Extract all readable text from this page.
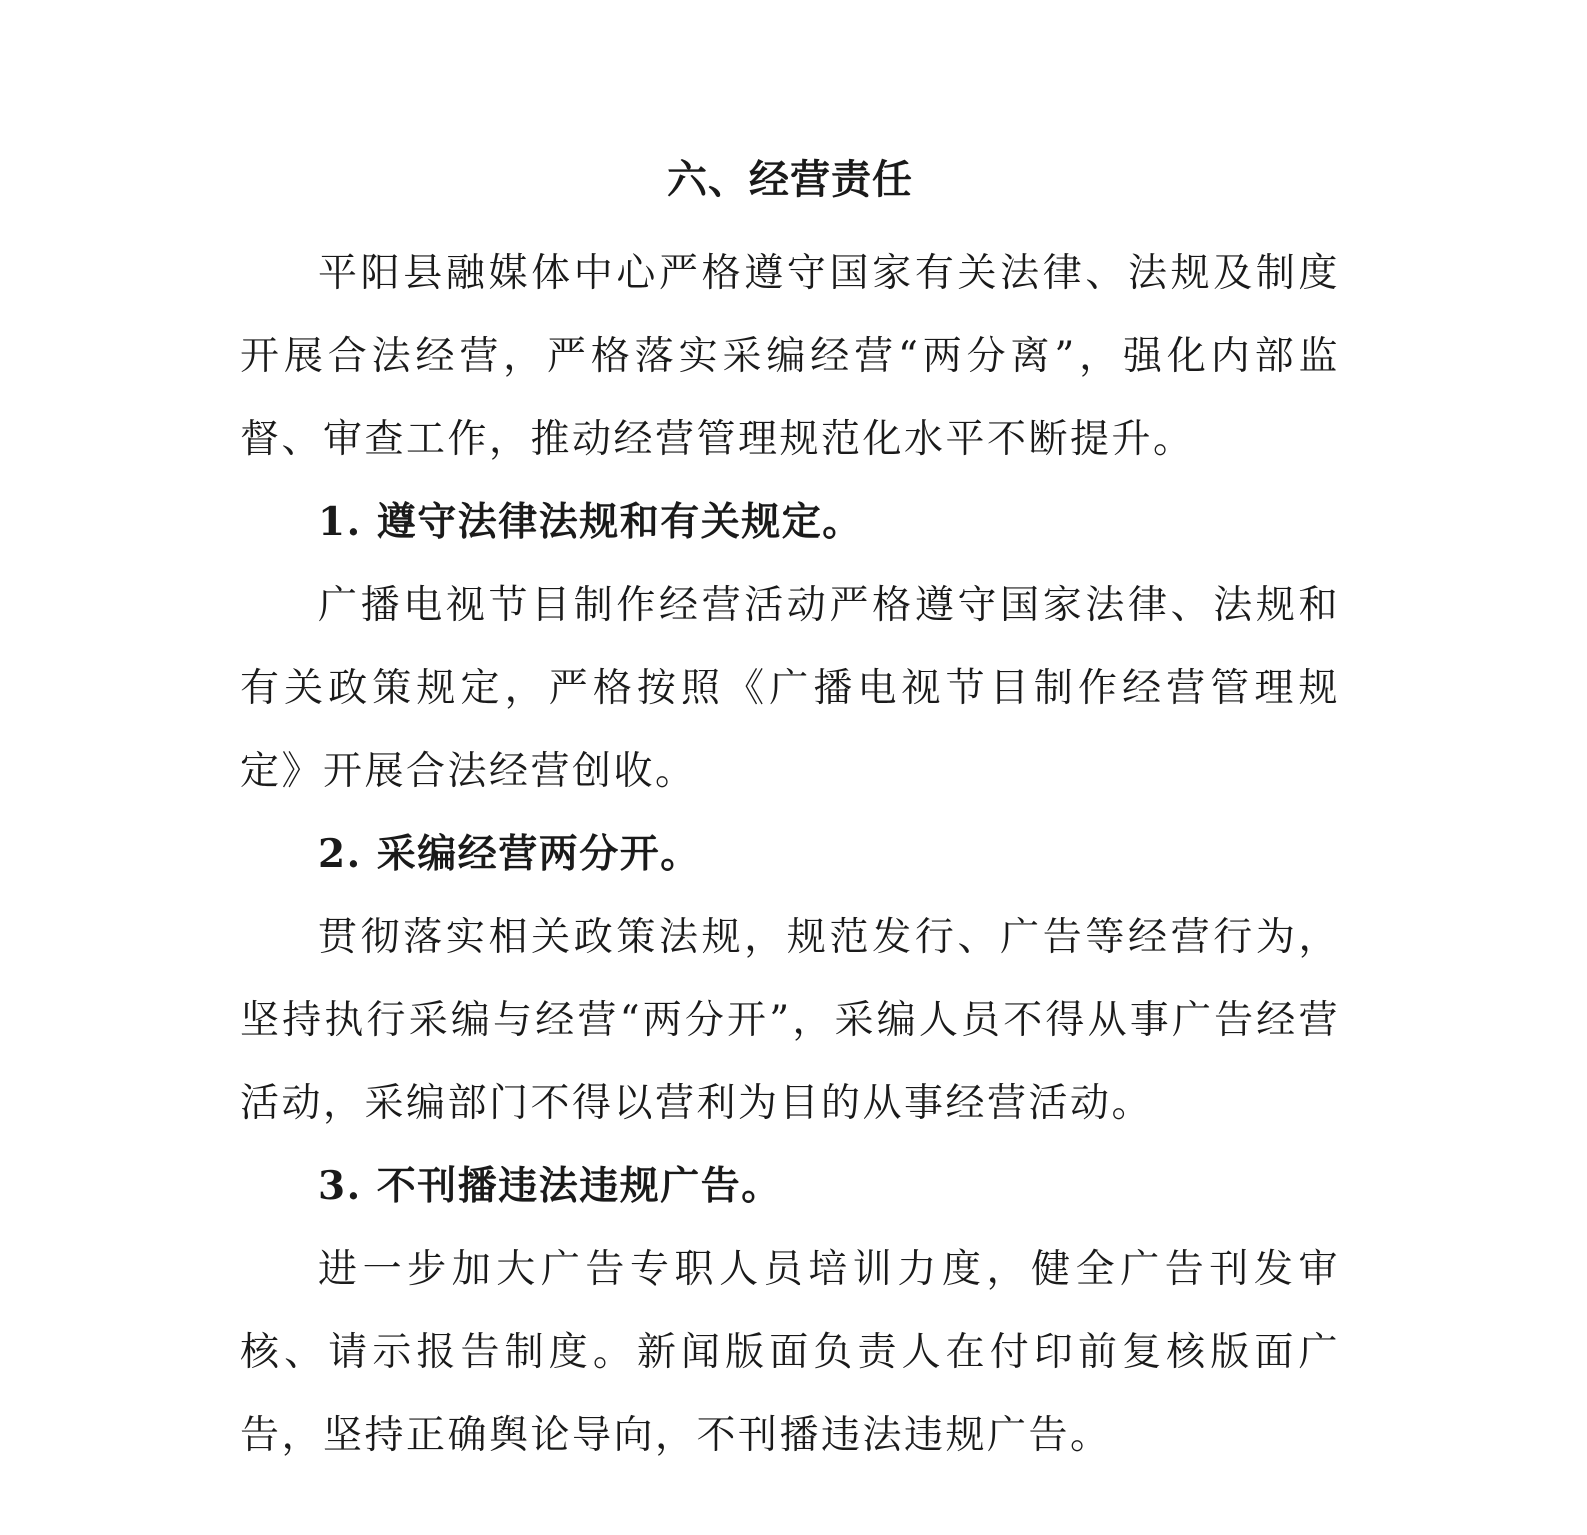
六、经营责任

平阳县融媒体中心严格遵守国家有关法律、法规及制度开展合法经营，严格落实采编经营“两分离”，强化内部监督、审查工作，推动经营管理规范化水平不断提升。

1. 遵守法律法规和有关规定。

广播电视节目制作经营活动严格遵守国家法律、法规和有关政策规定，严格按照《广播电视节目制作经营管理规定》开展合法经营创收。

2. 采编经营两分开。

贯彻落实相关政策法规，规范发行、广告等经营行为，坚持执行采编与经营“两分开”，采编人员不得从事广告经营活动，采编部门不得以营利为目的从事经营活动。

3. 不刊播违法违规广告。

进一步加大广告专职人员培训力度，健全广告刊发审核、请示报告制度。新闻版面负责人在付印前复核版面广告，坚持正确舆论导向，不刊播违法违规广告。
